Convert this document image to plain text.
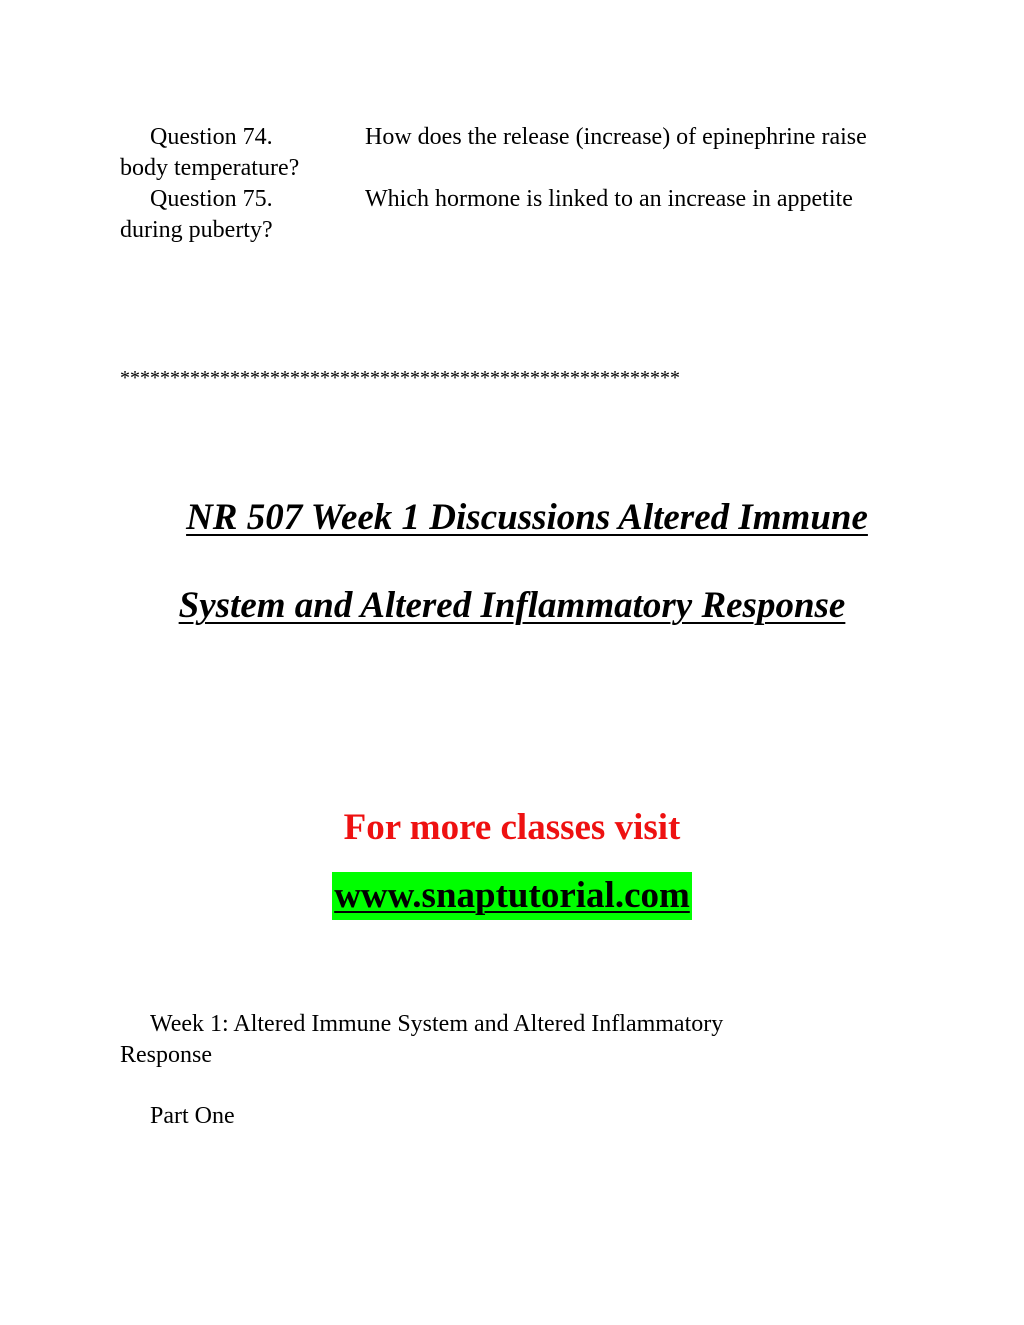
Question 74.	How does the release (increase) of epinephrine raise body temperature?
Question 75.	Which hormone is linked to an increase in appetite during puberty?
********************************************************
NR 507 Week 1 Discussions Altered Immune
System and Altered Inflammatory Response
For more classes visit
www.snaptutorial.com
Week 1: Altered Immune System and Altered Inflammatory Response
Part One
